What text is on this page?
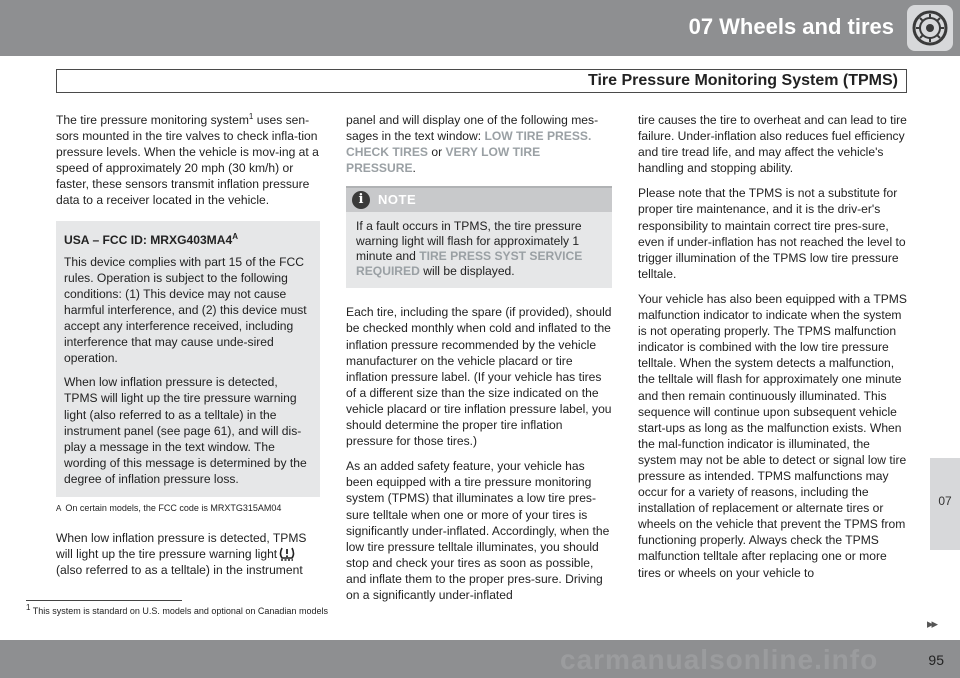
07 Wheels and tires
Tire Pressure Monitoring System (TPMS)

The tire pressure monitoring system$^1$ uses sen-sors mounted in the tire valves to check infla-tion pressure levels. When the vehicle is mov-ing at a speed of approximately 20 mph (30 km/h) or faster, these sensors transmit inflation pressure data to a receiver located in the vehicle.

USA – FCC ID: $MRXG403MA4^A$

This device complies with part 15 of the FCC rules. Operation is subject to the following conditions: (1) This device may not cause harmful interference, and (2) this device must accept any interference received, including interference that may cause unde-sired operation.

When low inflation pressure is detected, TPMS will light up the tire pressure warning light (also referred to as a telltale) in the instrument panel (see page 61), and will dis-play a message in the text window. The wording of this message is determined by the degree of inflation pressure loss.

A On certain models, the FCC code is MRXTG315AM04

When low inflation pressure is detected, TPMS will light up the tire pressure warning light (also referred to as a telltale) in the instrument

panel and will display one of the following mes-sages in the text window: LOW TIRE PRESS. CHECK TIRES or VERY LOW TIRE PRESSURE.

i	NOTE
If a fault occurs in TPMS, the tire pressure warning light will flash for approximately 1 minute and TIRE PRESS SYST SERVICE REQUIRED will be displayed.

Each tire, including the spare (if provided), should be checked monthly when cold and inflated to the inflation pressure recommended by the vehicle manufacturer on the vehicle placard or tire inflation pressure label. (If your vehicle has tires of a different size than the size indicated on the vehicle placard or tire inflation pressure label, you should determine the proper tire inflation pressure for those tires.)

As an added safety feature, your vehicle has been equipped with a tire pressure monitoring system (TPMS) that illuminates a low tire pres-sure telltale when one or more of your tires is significantly under-inflated. Accordingly, when the low tire pressure telltale illuminates, you should stop and check your tires as soon as possible, and inflate them to the proper pres-sure. Driving on a significantly under-inflated

tire causes the tire to overheat and can lead to tire failure. Under-inflation also reduces fuel efficiency and tire tread life, and may affect the vehicle's handling and stopping ability.

Please note that the TPMS is not a substitute for proper tire maintenance, and it is the driv-er's responsibility to maintain correct tire pres-sure, even if under-inflation has not reached the level to trigger illumination of the TPMS low tire pressure telltale.

Your vehicle has also been equipped with a TPMS malfunction indicator to indicate when the system is not operating properly. The TPMS malfunction indicator is combined with the low tire pressure telltale. When the system detects a malfunction, the telltale will flash for approximately one minute and then remain continuously illuminated. This sequence will continue upon subsequent vehicle start-ups as long as the malfunction exists. When the mal-function indicator is illuminated, the system may not be able to detect or signal low tire pressure as intended. TPMS malfunctions may occur for a variety of reasons, including the installation of replacement or alternate tires or wheels on the vehicle that prevent the TPMS from functioning properly. Always check the TPMS malfunction telltale after replacing one or more tires or wheels on your vehicle to

07
▸▸
$^1$ This system is standard on U.S. models and optional on Canadian models
carmanualsonline.info	95
